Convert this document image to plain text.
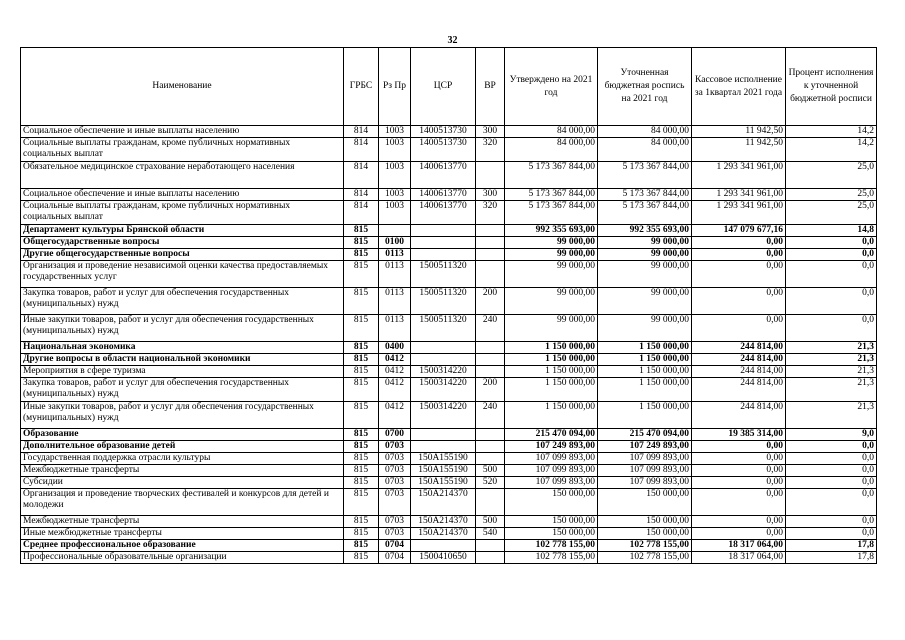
32
Наименование	ГРБС	Рз Пр	ЦСР	ВР	Утверждено на 2021 год	Уточненная бюджетная роспись на 2021 год	Кассовое исполнение за 1квартал 2021 года	Процент исполнения к уточненной бюджетной росписи
Социальное обеспечение и иные выплаты населению	814	1003	1400513730	300	84 000,00	84 000,00	11 942,50	14,2
Социальные выплаты гражданам, кроме публичных нормативных социальных выплат	814	1003	1400513730	320	84 000,00	84 000,00	11 942,50	14,2
Обязательное медицинское страхование неработающего населения	814	1003	1400613770		5 173 367 844,00	5 173 367 844,00	1 293 341 961,00	25,0
Социальное обеспечение и иные выплаты населению	814	1003	1400613770	300	5 173 367 844,00	5 173 367 844,00	1 293 341 961,00	25,0
Социальные выплаты гражданам, кроме публичных нормативных социальных выплат	814	1003	1400613770	320	5 173 367 844,00	5 173 367 844,00	1 293 341 961,00	25,0
Департамент культуры Брянской области	815				992 355 693,00	992 355 693,00	147 079 677,16	14,8
Общегосударственные вопросы	815	0100			99 000,00	99 000,00	0,00	0,0
Другие общегосударственные вопросы	815	0113			99 000,00	99 000,00	0,00	0,0
Организация и проведение независимой оценки качества предоставляемых государственных услуг	815	0113	1500511320		99 000,00	99 000,00	0,00	0,0
Закупка товаров, работ и услуг для обеспечения государственных (муниципальных) нужд	815	0113	1500511320	200	99 000,00	99 000,00	0,00	0,0
Иные закупки товаров, работ и услуг для обеспечения государственных (муниципальных) нужд	815	0113	1500511320	240	99 000,00	99 000,00	0,00	0,0
Национальная экономика	815	0400			1 150 000,00	1 150 000,00	244 814,00	21,3
Другие вопросы в области национальной экономики	815	0412			1 150 000,00	1 150 000,00	244 814,00	21,3
Мероприятия в сфере туризма	815	0412	1500314220		1 150 000,00	1 150 000,00	244 814,00	21,3
Закупка товаров, работ и услуг для обеспечения государственных (муниципальных) нужд	815	0412	1500314220	200	1 150 000,00	1 150 000,00	244 814,00	21,3
Иные закупки товаров, работ и услуг для обеспечения государственных (муниципальных) нужд	815	0412	1500314220	240	1 150 000,00	1 150 000,00	244 814,00	21,3
Образование	815	0700			215 470 094,00	215 470 094,00	19 385 314,00	9,0
Дополнительное образование детей	815	0703			107 249 893,00	107 249 893,00	0,00	0,0
Государственная поддержка отрасли культуры	815	0703	150A155190		107 099 893,00	107 099 893,00	0,00	0,0
Межбюджетные трансферты	815	0703	150A155190	500	107 099 893,00	107 099 893,00	0,00	0,0
Субсидии	815	0703	150A155190	520	107 099 893,00	107 099 893,00	0,00	0,0
Организация и проведение творческих фестивалей и конкурсов для детей и молодежи	815	0703	150A214370		150 000,00	150 000,00	0,00	0,0
Межбюджетные трансферты	815	0703	150A214370	500	150 000,00	150 000,00	0,00	0,0
Иные межбюджетные трансферты	815	0703	150A214370	540	150 000,00	150 000,00	0,00	0,0
Среднее профессиональное образование	815	0704			102 778 155,00	102 778 155,00	18 317 064,00	17,8
Профессиональные образовательные организации	815	0704	1500410650		102 778 155,00	102 778 155,00	18 317 064,00	17,8
